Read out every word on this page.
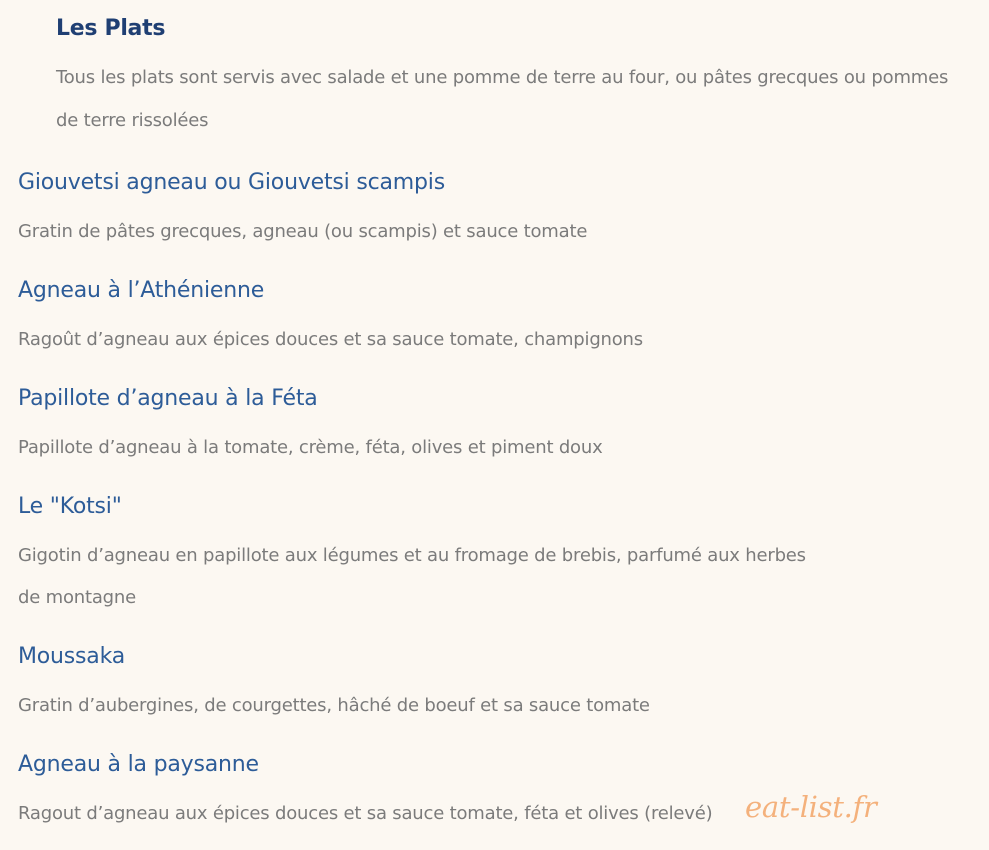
Les Plats

Tous les plats sont servis avec salade et une pomme de terre au four, ou pâtes grecques ou pommes de terre rissolées

Giouvetsi agneau ou Giouvetsi scampis

Gratin de pâtes grecques, agneau (ou scampis) et sauce tomate

Agneau à l’Athénienne

Ragoût d’agneau aux épices douces et sa sauce tomate, champignons

Papillote d’agneau à la Féta

Papillote d’agneau à la tomate, crème, féta, olives et piment doux

Le "Kotsi"

Gigotin d’agneau en papillote aux légumes et au fromage de brebis, parfumé aux herbes de montagne

Moussaka

Gratin d’aubergines, de courgettes, hâché de boeuf et sa sauce tomate

Agneau à la paysanne

Ragout d’agneau aux épices douces et sa sauce tomate, féta et olives (relevé)	eat-list.fr
